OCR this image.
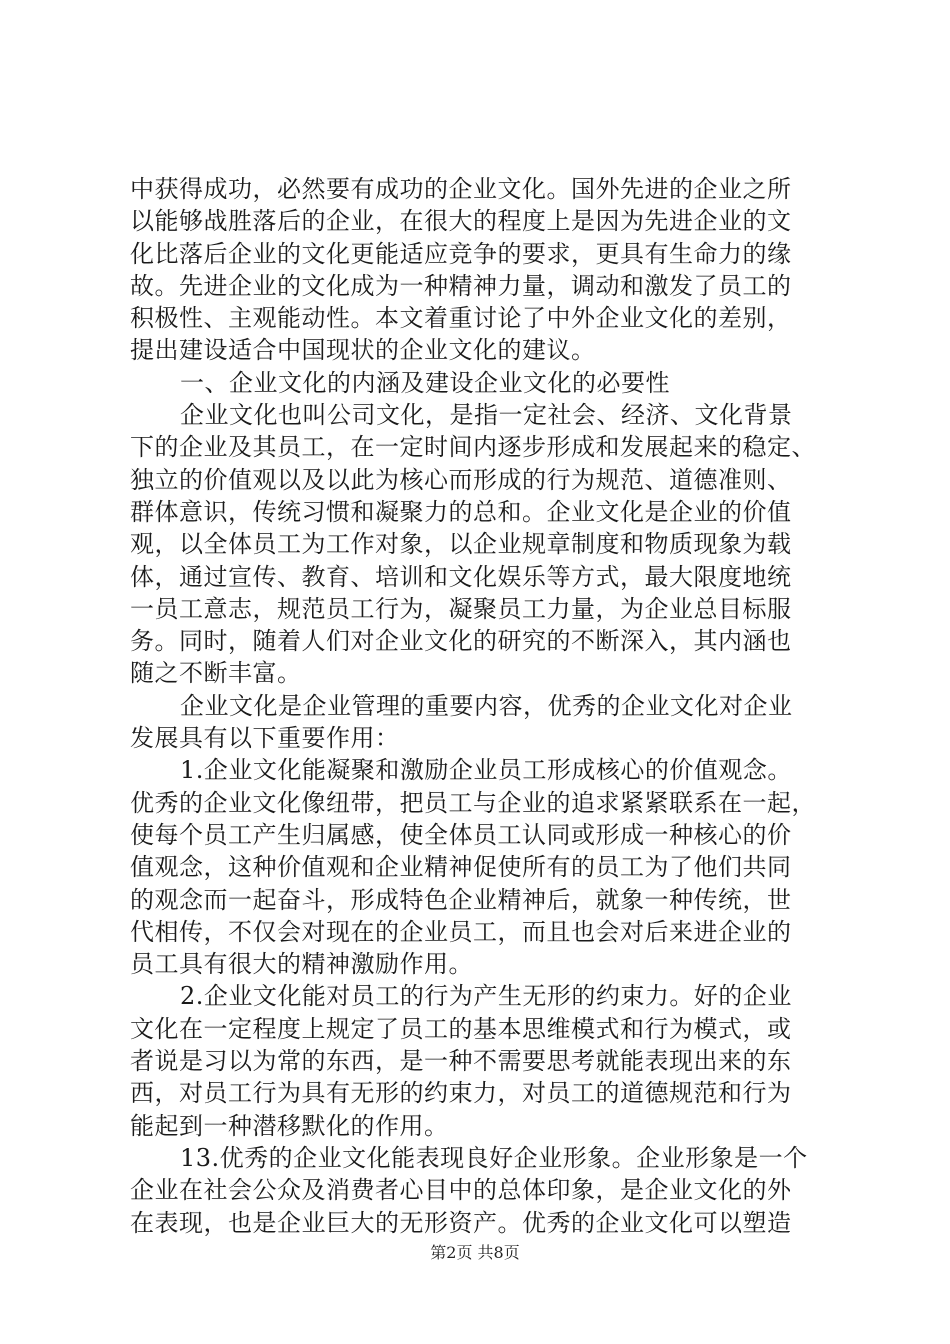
中获得成功，必然要有成功的企业文化。国外先进的企业之所
以能够战胜落后的企业，在很大的程度上是因为先进企业的文
化比落后企业的文化更能适应竞争的要求，更具有生命力的缘
故。先进企业的文化成为一种精神力量，调动和激发了员工的
积极性、主观能动性。本文着重讨论了中外企业文化的差别，
提出建设适合中国现状的企业文化的建议。
一、企业文化的内涵及建设企业文化的必要性
企业文化也叫公司文化，是指一定社会、经济、文化背景
下的企业及其员工，在一定时间内逐步形成和发展起来的稳定、
独立的价值观以及以此为核心而形成的行为规范、道德准则、
群体意识，传统习惯和凝聚力的总和。企业文化是企业的价值
观，以全体员工为工作对象，以企业规章制度和物质现象为载
体，通过宣传、教育、培训和文化娱乐等方式，最大限度地统
一员工意志，规范员工行为，凝聚员工力量，为企业总目标服
务。同时，随着人们对企业文化的研究的不断深入，其内涵也
随之不断丰富。
企业文化是企业管理的重要内容，优秀的企业文化对企业
发展具有以下重要作用：
1.企业文化能凝聚和激励企业员工形成核心的价值观念。
优秀的企业文化像纽带，把员工与企业的追求紧紧联系在一起，
使每个员工产生归属感，使全体员工认同或形成一种核心的价
值观念，这种价值观和企业精神促使所有的员工为了他们共同
的观念而一起奋斗，形成特色企业精神后，就象一种传统，世
代相传，不仅会对现在的企业员工，而且也会对后来进企业的
员工具有很大的精神激励作用。
2.企业文化能对员工的行为产生无形的约束力。好的企业
文化在一定程度上规定了员工的基本思维模式和行为模式，或
者说是习以为常的东西，是一种不需要思考就能表现出来的东
西，对员工行为具有无形的约束力，对员工的道德规范和行为
能起到一种潜移默化的作用。
13.优秀的企业文化能表现良好企业形象。企业形象是一个
企业在社会公众及消费者心目中的总体印象，是企业文化的外
在表现，也是企业巨大的无形资产。优秀的企业文化可以塑造
第2页 共8页
